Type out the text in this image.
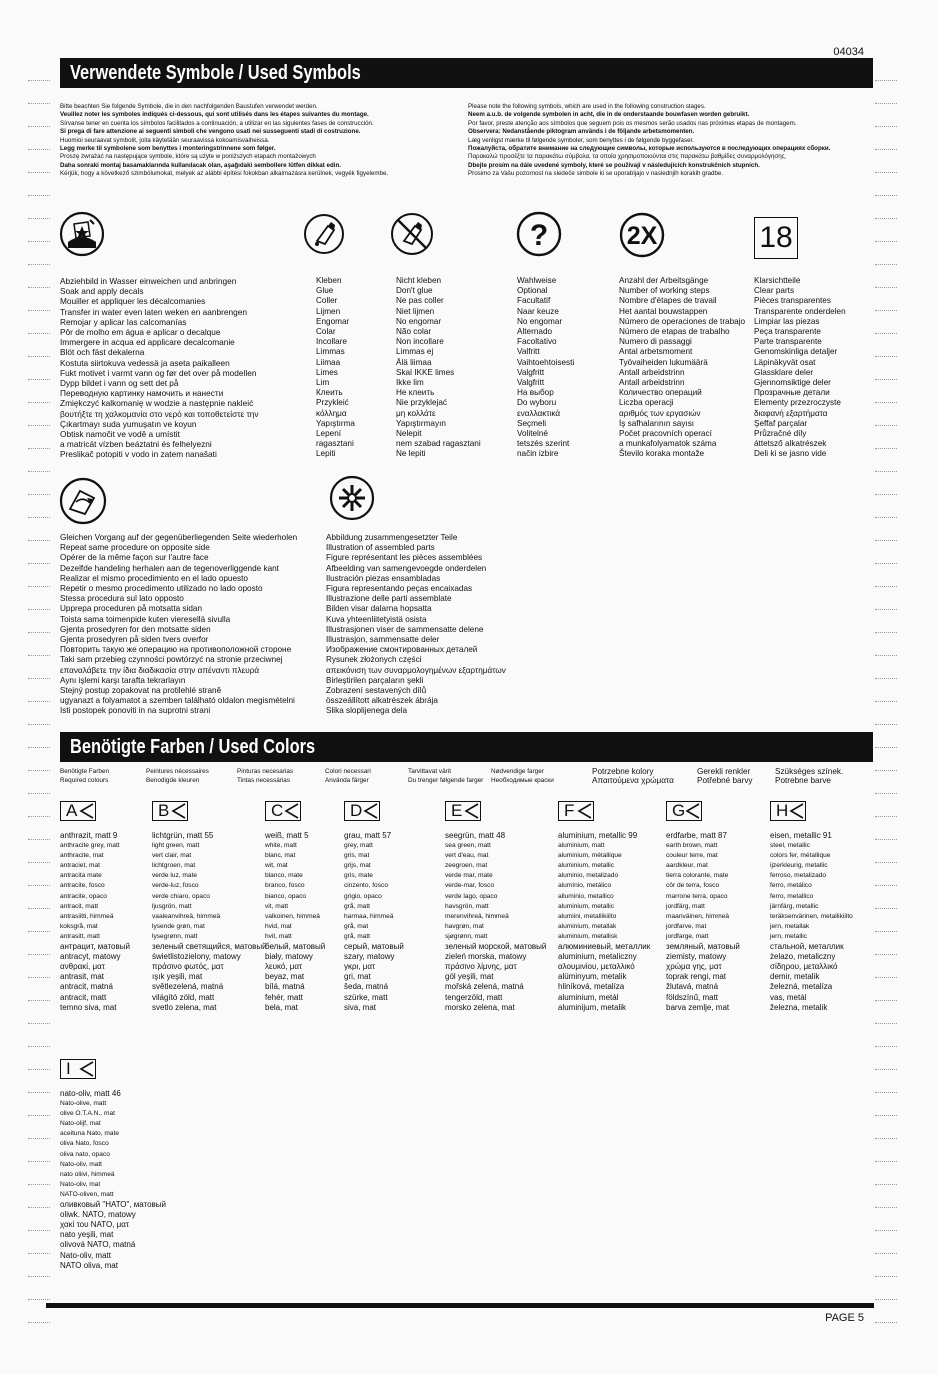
04034
Verwendete Symbole / Used Symbols
Bitte beachten Sie folgende Symbole, die in den nachfolgenden Baustufen verwendet werden.
Veuillez noter les symboles indiqués ci-dessous, qui sont utilisés dans les étapes suivantes du montage.
Sírvanse tener en cuenta los símbolos facilitados a continuación, a utilizar en las siguientes fases de construcción.
Si prega di fare attenzione ai seguenti simboli che vengono usati nei susseguenti stadi di costruzione.
Huomioi seuraavat symbolit, joita käytetään seuraavissa kokoamisvaiheissa.
Legg merke til symbolene som benyttes i monteringstrinnene som følger.
Proszę zwrażać na następujące symbole, które są użyte w poniższych etapach montażowych
Daha sonraki montaj basamaklarında kullanılacak olan, aşağıdaki sembollere lütfen dikkat edin.
Kérjük, hogy a következő szimbólumokat, melyek az alábbi építési fokokban alkalmazásra kerülnek, vegyék figyelembe.
Please note the following symbols, which are used in the following construction stages.
Neem a.u.b. de volgende symbolen in acht, die in de onderstaande bouwfasen worden gebruikt.
Por favor, preste atenção aos símbolos que seguem pois os mesmos serão usados nas próximas etapas de montagem.
Observera: Nedanstående piktogram används i de följande arbetsmomenten.
Læg venligst mærke til følgende symboler, som benyttes i de følgende byggefaser.
Пожалуйста, обратите внимание на следующие символы, которые используются в последующих операциях сборки.
Παρακαλώ προσέξτε τα παρακάτω σύμβολα, τα οποία χρησιμοποιούνται στις παρακάτω βαθμίδες συναρμολόγησης.
Dbejte prosím na dále uvedené symboly, které se používají v následujících konstrukčních stupních.
Prosimo za Vašu pozornost na sledeče simbole ki se uporabljajo v naslednjih korakih gradbe.
?	2X	18
Abziehbild in Wasser einweichen und anbringen
Soak and apply decals
Mouiller et appliquer les décalcomanies
Transfer in water even laten weken en aanbrengen
Remojar y aplicar las calcomanías
Pôr de molho em água e aplicar o decalque
Immergere in acqua ed applicare decalcomanie
Blöt och fäst dekalerna
Kostuta siirtokuva vedessä ja aseta paikalleen
Fukt motivet i varmt vann og før det over på modellen
Dypp bildet i vann og sett det på
Переводную картинку намочить и нанести
Zmiękczyć kalkomanię w wodzie a następnie nakleić
βουτήξτε τη χαλκομανία στο νερό και τοποθετείστε την
Çıkartmayı suda yumuşatın ve koyun
Obtisk namočit ve vodě a umístit
a matricát vízben beáztatni és felhelyezni
Preslikač potopiti v vodo in zatem nanašati
Kleben
Glue
Coller
Lijmen
Engomar
Colar
Incollare
Limmas
Liimaa
Limes
Lim
Клеить
Przykleić
κόλλημα
Yapıştırma
Lepení
ragasztani
Lepiti
Nicht kleben
Don't glue
Ne pas coller
Niet lijmen
No engomar
Não colar
Non incollare
Limmas ej
Älä liimaa
Skal IKKE limes
Ikke lim
Не клеить
Nie przyklejać
μη κολλάτε
Yapıştırmayın
Nelepit
nem szabad ragasztani
Ne lepiti
Wahlweise
Optional
Facultatif
Naar keuze
No engomar
Alternado
Facoltativo
Valfritt
Vaihtoehtoisesti
Valgfritt
Valgfritt
На выбор
Do wyboru
εναλλακτικά
Seçmeli
Volitelné
tetszés szerint
način izbire
Anzahl der Arbeitsgänge
Number of working steps
Nombre d'étapes de travail
Het aantal bouwstappen
Número de operaciones de trabajo
Número de etapas de trabalho
Numero di passaggi
Antal arbetsmoment
Työvaiheiden lukumäärä
Antall arbeidstrinn
Antall arbeidstrinn
Количество операций
Liczba operacji
αριθμός των εργασιών
İş safhalarının sayısı
Počet pracovních operací
a munkafolyamatok száma
Število koraka montaže
Klarsichtteile
Clear parts
Pièces transparentes
Transparente onderdelen
Limpiar las piezas
Peça transparente
Parte transparente
Genomskinliga detaljer
Läpinäkyvät osat
Glassklare deler
Gjennomsiktige deler
Прозрачные детали
Elementy przezroczyste
διαφανή εξαρτήματα
Şeffaf parçalar
Průzračné díly
áttetsző alkatrészek
Deli ki se jasno vide
Gleichen Vorgang auf der gegenüberliegenden Seite wiederholen
Repeat same procedure on opposite side
Opérer de la même façon sur l'autre face
Dezelfde handeling herhalen aan de tegenoverliggende kant
Realizar el mismo procedimiento en el lado opuesto
Repetir o mesmo procedimento utilizado no lado oposto
Stessa procedura sul lato opposto
Upprepa proceduren på motsatta sidan
Toista sama toimenpide kuten vieresellä sivulla
Gjenta prosedyren for den motsatte siden
Gjenta prosedyren på siden tvers overfor
Повторить такую же операцию на противоположной стороне
Taki sam przebieg czynności powtórzyć na stronie przeciwnej
επαναλάβετε την ίδια διαδικασία στην απέναντι πλευρά
Aynı işlemi karşı tarafta tekrarlayın
Stejný postup zopakovat na protilehlé straně
ugyanazt a folyamatot a szemben található oldalon megismételni
Isti postopek ponoviti in na suprotni strani
Abbildung zusammengesetzter Teile
Illustration of assembled parts
Figure représentant les pièces assemblées
Afbeelding van samengevoegde onderdelen
Ilustración piezas ensambladas
Figura representando peças encaixadas
Illustrazione delle parti assemblate
Bilden visar dalarna hopsatta
Kuva yhteenliitetyistä osista
Illustrasjonen viser de sammensatte delene
Illustrasjon, sammensatte deler
Изображение смонтированных деталей
Rysunek złożonych części
απεικόνιση των συναρμολογημένων εξαρτημάτων
Birleştirilen parçaların şekli
Zobrazení sestavených dílů
összeállított alkatrészek ábrája
Slika sloplijenega dela
Benötigte Farben / Used Colors
Benötigte Farben
Required colours
Peintures nécessaires
Benodigde kleuren
Pinturas necesarias
Tintas necessárias
Colori necessari
Använda färger
Tarvittavat värit
Du trenger følgende farger
Nødvendige farger
Необходимые краски
Potrzebne kolory
Απαιτούμενα χρώματα
Gerekli renkler
Potřebné barvy
Szükséges színek.
Potrebne barve
A
anthrazit, matt 9
anthracite grey, matt
anthracite, mat
antraciet, mat
antracita mate
antracite, fosco
antracite, opaco
antracit, matt
antrasiitti, himmeä
koksgrå, mat
antrasitt, matt
антрацит, матовый
antracyt, matowy
ανθρακί, ματ
antrasit, mat
antracit, matná
antracit, matt
temno siva, mat
B
lichtgrün, matt 55
light green, matt
vert clair, mat
lichtgroen, mat
verde luz, mate
verde-luz, fosco
verde chiaro, opaco
ljusgrön, matt
vaaleanvihreä, himmeä
lysende grøn, mat
lysegrønn, matt
зеленый светящийся, матовый
świetlistozielony, matowy
πράσινο φωτός, ματ
ışık yeşili, mat
světlezelená, matná
világító zöld, matt
svetlo zelena, mat
C
weiß, matt 5
white, matt
blanc, mat
wit, mat
blanco, mate
branco, fosco
bianco, opaco
vit, matt
valkoinen, himmeä
hvid, mat
hvit, matt
белый, матовый
biały, matowy
λευκό, ματ
beyaz, mat
bílá, matná
fehér, matt
bela, mat
D
grau, matt 57
grey, matt
gris, mat
grijs, mat
gris, mate
cinzento, fosco
grigio, opaco
grå, matt
harmaa, himmeä
grå, mat
grå, matt
серый, матовый
szary, matowy
γκρι, ματ
gri, mat
šeda, matná
szürke, matt
siva, mat
E
seegrün, matt 48
sea green, matt
vert d'eau, mat
zeegroen, mat
verde mar, mate
verde-mar, fosco
verde lago, opaco
havsgrön, matt
merenvihreä, himmeä
havgrøn, mat
sjøgrønn, matt
зеленый морской, матовый
zieleń morska, matowy
πράσινο λίμνης, ματ
göl yeşili, mat
mořská zelená, matná
tengerzöld, matt
morsko zelena, mat
F
aluminium, metallic 99
aluminium, matt
aluminium, métallique
aluminium, metallic
aluminio, metalizado
alumínio, metálico
alluminio, metallico
aluminium, metallic
alumiini, metallikiilto
aluminium, metallak
aluminium, metallisk
алюминиевый, металлик
aluminium, metaliczny
αλουμινίου, μεταλλικό
alüminyum, metalik
hliníková, metalíza
aluminium, metál
aluminijum, metalik
G
erdfarbe, matt 87
earth brown, matt
couleur terre, mat
aardkleur, mat
tierra colorante, mate
côr de terra, fosco
marrone terra, opaco
jordfärg, matt
maanväinen, himmeä
jordfarve, mat
jordfarge, matt
земляный, матовый
ziemisty, matowy
χρώμα γης, ματ
toprak rengi, mat
žlutavá, matná
földszínű, matt
barva zemlje, mat
H
eisen, metallic 91
steel, metallic
colors fer, métallique
ijzerkleurig, metallic
ferroso, metalizado
ferro, metálico
ferro, metallico
järnfärg, metallic
teräksenvärinen, metallikiilto
jern, metallak
jern, metallic
стальной, металлик
żelazo, metaliczny
σίδηρου, μεταλλικό
demir, metalik
železná, metalíza
vas, metál
železna, metalik
I
nato-oliv, matt 46
Nato-olive, matt
olive O.T.A.N., mat
Nato-olijf, mat
aceituna Nato, mate
oliva Nato, fosco
oliva nato, opaco
Nato-oliv, matt
nato oliivi, himmeä
Nato-oliv, mat
NATO-oliven, matt
оливковый "НАТО", матовый
oliwk. NATO, matowy
χακί του NATO, ματ
nato yeşili, mat
olivová NATO, matná
Nato-oliv, matt
NATO oliva, mat
PAGE 5
